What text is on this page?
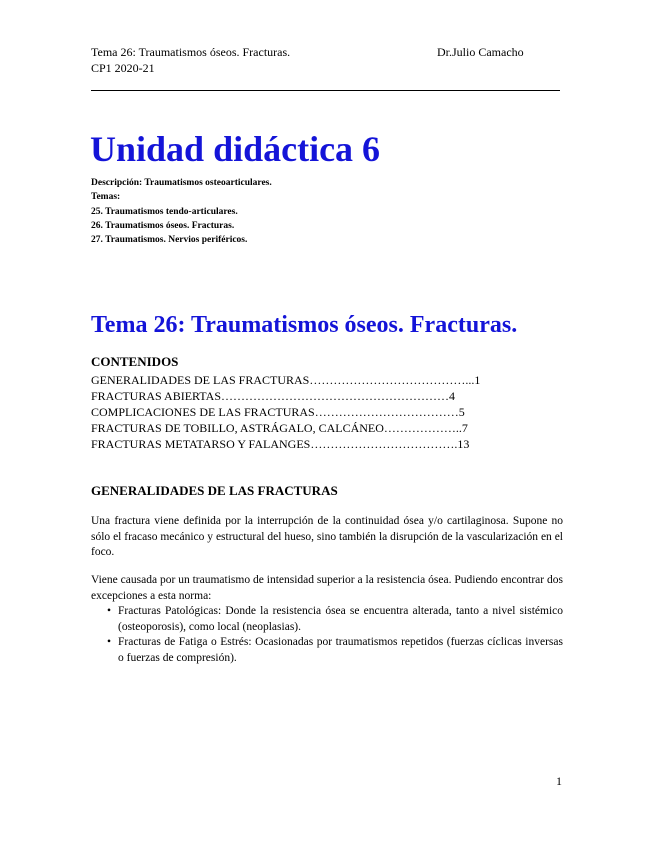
Tema 26: Traumatismos óseos. Fracturas.	Dr.Julio Camacho
CP1 2020-21
Unidad didáctica 6
Descripción: Traumatismos osteoarticulares.
Temas:
25. Traumatismos tendo-articulares.
26. Traumatismos óseos. Fracturas.
27. Traumatismos. Nervios periféricos.
Tema 26: Traumatismos óseos. Fracturas.
CONTENIDOS
GENERALIDADES DE LAS FRACTURAS…………………………………...1
FRACTURAS ABIERTAS…………………………………………………4
COMPLICACIONES DE LAS FRACTURAS………………………………5
FRACTURAS DE TOBILLO, ASTRÁGALO, CALCÁNEO………………..7
FRACTURAS METATARSO Y FALANGES……………………………….13
GENERALIDADES DE LAS FRACTURAS
Una fractura viene definida por la interrupción de la continuidad ósea y/o cartilaginosa. Supone no sólo el fracaso mecánico y estructural del hueso, sino también la disrupción de la vascularización en el foco.
Viene causada por un traumatismo de intensidad superior a la resistencia ósea. Pudiendo encontrar dos excepciones a esta norma:
• Fracturas Patológicas: Donde la resistencia ósea se encuentra alterada, tanto a nivel sistémico (osteoporosis), como local (neoplasias).
• Fracturas de Fatiga o Estrés: Ocasionadas por traumatismos repetidos (fuerzas cíclicas inversas o fuerzas de compresión).
1
